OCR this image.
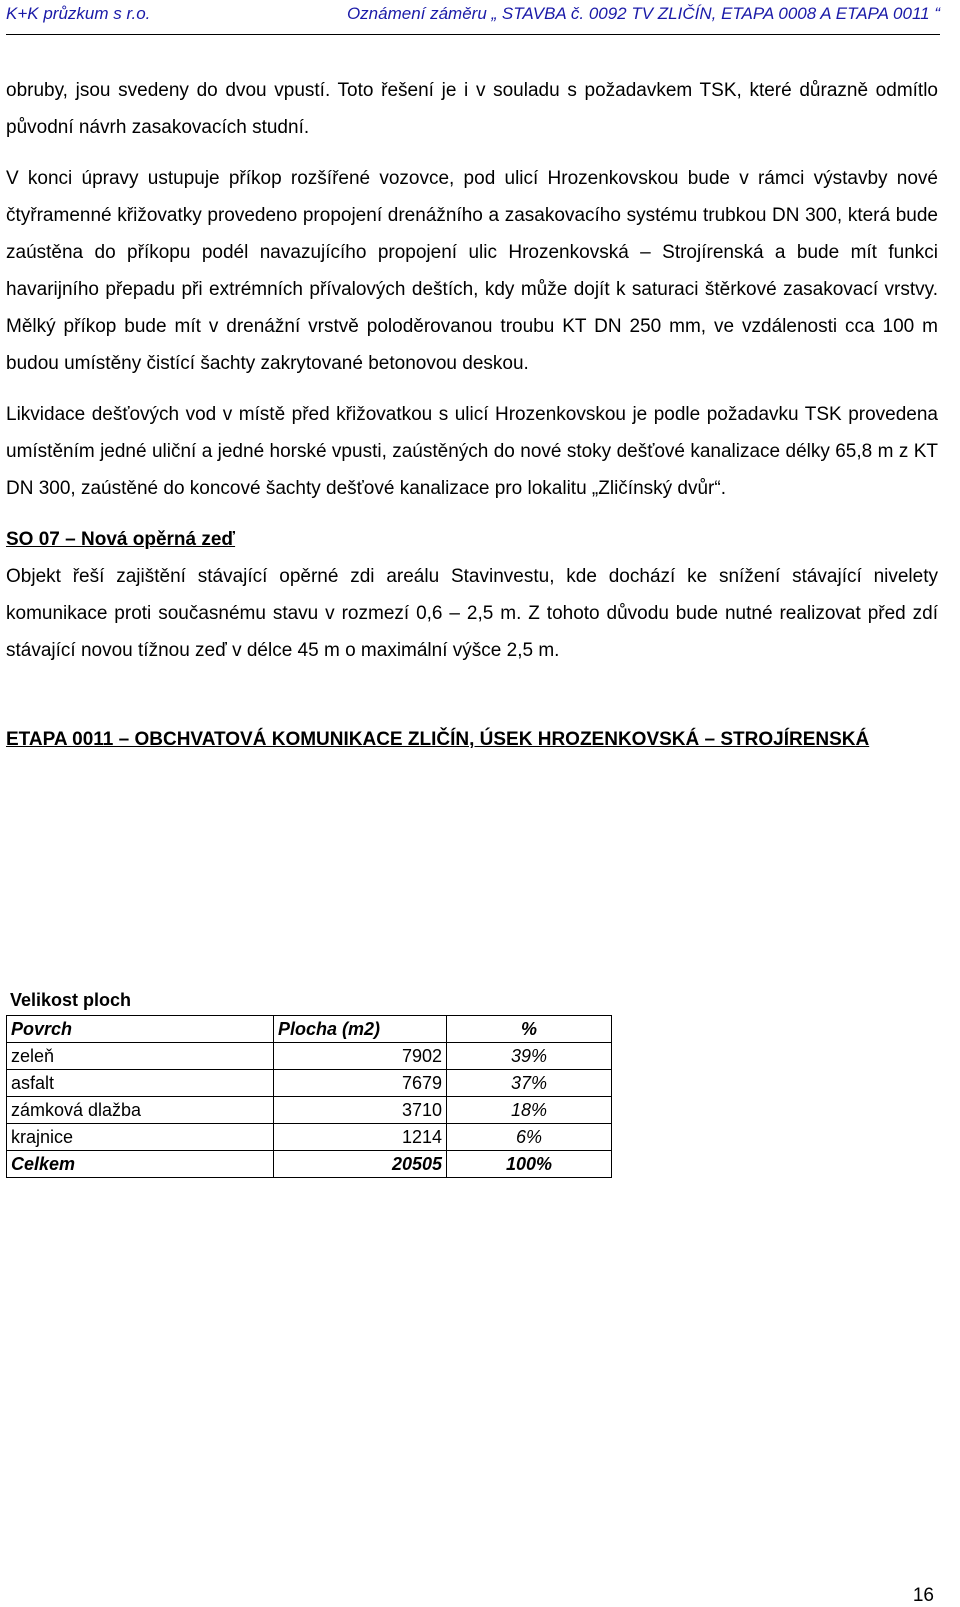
K+K průzkum s r.o.	Oznámení záměru „ STAVBA č. 0092 TV ZLIČÍN, ETAPA 0008 A ETAPA 0011 “

obruby, jsou svedeny do dvou vpustí. Toto řešení je i v souladu s požadavkem TSK, které důrazně odmítlo původní návrh zasakovacích studní.

V konci úpravy ustupuje příkop rozšířené vozovce, pod ulicí Hrozenkovskou bude v rámci výstavby nové čtyřramenné křižovatky provedeno propojení drenážního a zasakovacího systému trubkou DN 300, která bude zaústěna do příkopu podél navazujícího propojení ulic Hrozenkovská – Strojírenská a bude mít funkci havarijního přepadu při extrémních přívalových deštích, kdy může dojít k saturaci štěrkové zasakovací vrstvy. Mělký příkop bude mít v drenážní vrstvě poloděrovanou troubu KT DN 250 mm, ve vzdálenosti cca 100 m budou umístěny čistící šachty zakrytované betonovou deskou.

Likvidace dešťových vod v místě před křižovatkou s ulicí Hrozenkovskou je podle požadavku TSK provedena umístěním jedné uliční a jedné horské vpusti, zaústěných do nové stoky dešťové kanalizace délky 65,8 m z KT DN 300, zaústěné do koncové šachty dešťové kanalizace pro lokalitu „Zličínský dvůr“.

SO 07 – Nová opěrná zeď

Objekt řeší zajištění stávající opěrné zdi areálu Stavinvestu, kde dochází ke snížení stávající nivelety komunikace proti současnému stavu v rozmezí 0,6 – 2,5 m. Z tohoto důvodu bude nutné realizovat před zdí stávající novou tížnou zeď v délce 45 m o maximální výšce 2,5 m.

ETAPA 0011 – OBCHVATOVÁ KOMUNIKACE ZLIČÍN, ÚSEK HROZENKOVSKÁ – STROJÍRENSKÁ

Velikost ploch

Povrch	Plocha (m2)	%
zeleň	7902	39%
asfalt	7679	37%
zámková dlažba	3710	18%
krajnice	1214	6%
Celkem	20505	100%
16
